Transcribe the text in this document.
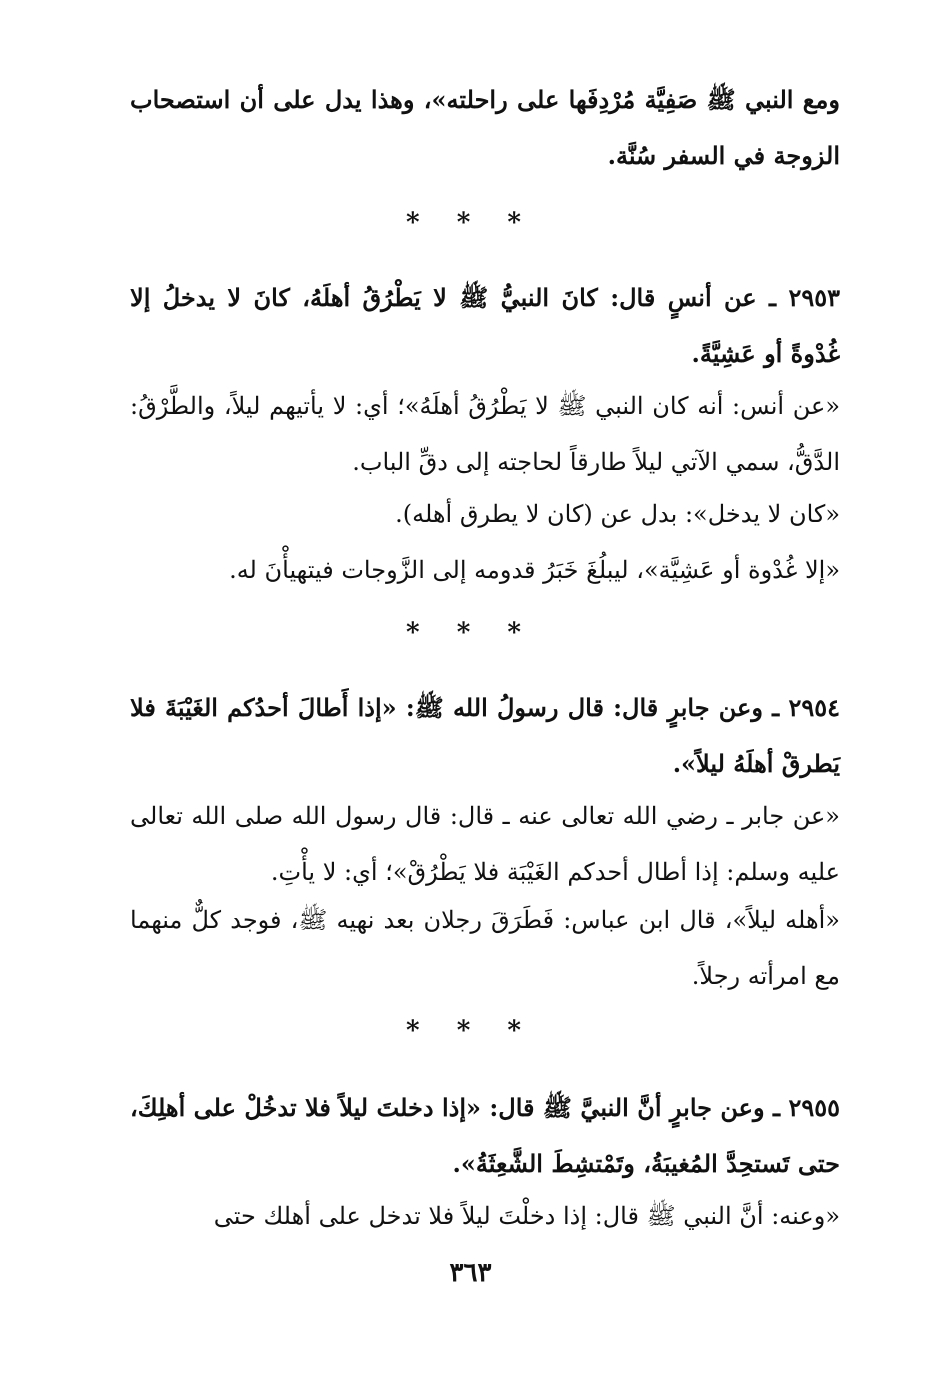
ومع النبي ﷺ صَفِيَّة مُرْدِفَها على راحلته»، وهذا يدل على أن استصحاب الزوجة في السفر سُنَّة.

* * *

٢٩٥٣ ـ عن أنسٍ قال: كانَ النبيُّ ﷺ لا يَطْرُقُ أهلَهُ، كانَ لا يدخلُ إلا غُدْوةً أو عَشِيَّةً.

«عن أنس: أنه كان النبي ﷺ لا يَطْرُقُ أهلَهُ»؛ أي: لا يأتيهم ليلاً، والطَّرْقُ: الدَّقُّ، سمي الآتي ليلاً طارقاً لحاجته إلى دقِّ الباب.

«كان لا يدخل»: بدل عن (كان لا يطرق أهله).

«إلا غُدْوة أو عَشِيَّة»، ليبلُغَ خَبَرُ قدومه إلى الزَّوجات فيتهيأْنَ له.

* * *

٢٩٥٤ ـ وعن جابرٍ قال: قال رسولُ الله ﷺ: «إذا أَطالَ أحدُكم الغَيْبَةَ فلا يَطرقْ أهلَهُ ليلاً».

«عن جابر ـ رضي الله تعالى عنه ـ قال: قال رسول الله صلى الله تعالى عليه وسلم: إذا أطال أحدكم الغَيْبَة فلا يَطْرُقْ»؛ أي: لا يأْتِ.

«أهله ليلاً»، قال ابن عباس: فَطَرَقَ رجلان بعد نهيه ﷺ، فوجد كلٌّ منهما مع امرأته رجلاً.

* * *

٢٩٥٥ ـ وعن جابرٍ أنَّ النبيَّ ﷺ قال: «إذا دخلتَ ليلاً فلا تدخُلْ على أهلِكَ، حتى تَستحِدَّ المُغيبَةُ، وتَمْتشِطَ الشَّعِثَةُ».

«وعنه: أنَّ النبي ﷺ قال: إذا دخلْتَ ليلاً فلا تدخل على أهلك حتى

٣٦٣
